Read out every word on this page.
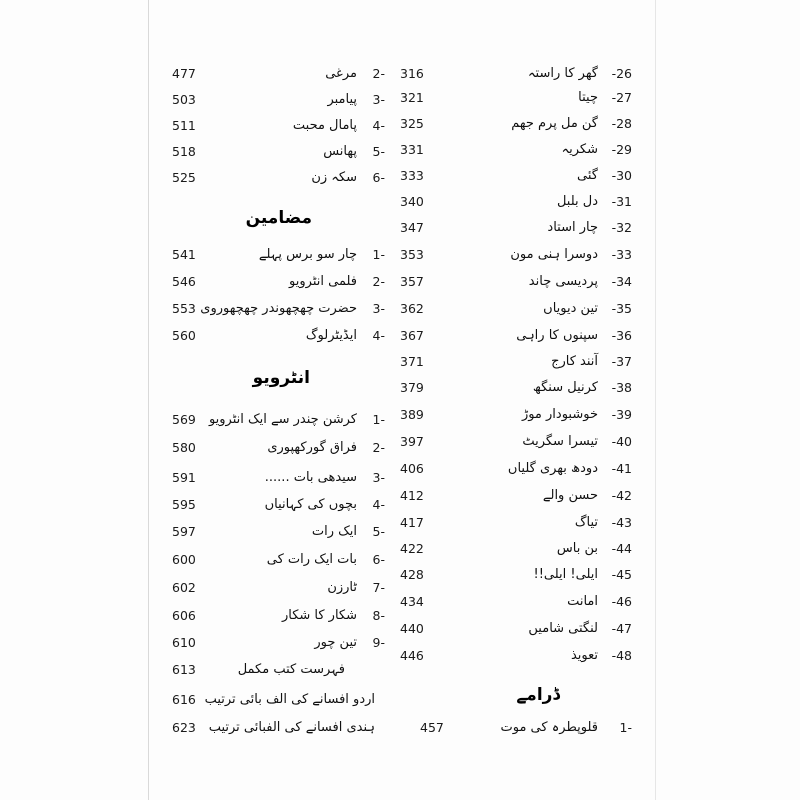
477	2-
مرغی
503	3-
پیامبر
511	4-
پامال محبت
518	5-
پھانس
525	6-
سکہ زن
مضامین
541	1-
چار سو برس پہلے
546	2-
فلمی انٹرویو
553	3-
حضرت چھچھوندر چھچھوروی
560	4-
ایڈیٹرلوگ
انٹرویو
569	1-
کرشن چندر سے ایک انٹرویو
580	2-
فراق گورکھپوری
591	3-
سیدھی بات ......
595	4-
بچوں کی کہانیاں
597	5-
ایک رات
600	6-
بات ایک رات کی
602	7-
ٹارزن
606	8-
شکار کا شکار
610	9-
تین چور
613	فہرست کتب مکمل
616 اردو افسانے کی الف بائی ترتیب
623 ہندی افسانے کی الفبائی ترتیب
316	-26
گھر کا راستہ
321	-27
چیتا
325	-28
گن مل پرم جھم
331	-29
شکریہ
333	-30
گئی
340	-31
دل بلبل
347	-32
چار استاد
353	-33
دوسرا ہنی مون
357	-34
پردیسی چاند
362	-35
تین دیویاں
367	-36
سپنوں کا راہی
371	-37
آنند کارج
379	-38
کرنیل سنگھ
389	-39
خوشبودار موڑ
397	-40
تیسرا سگریٹ
406	-41
دودھ بھری گلیاں
412	-42
حسن والے
417	-43
تیاگ
422	-44
بن باس
428	-45
ایلی! ایلی!!
434	-46
امانت
440	-47
لنگتی شامیں
446	-48
تعویذ
ڈرامے
457	1-
قلوپطرہ کی موت
